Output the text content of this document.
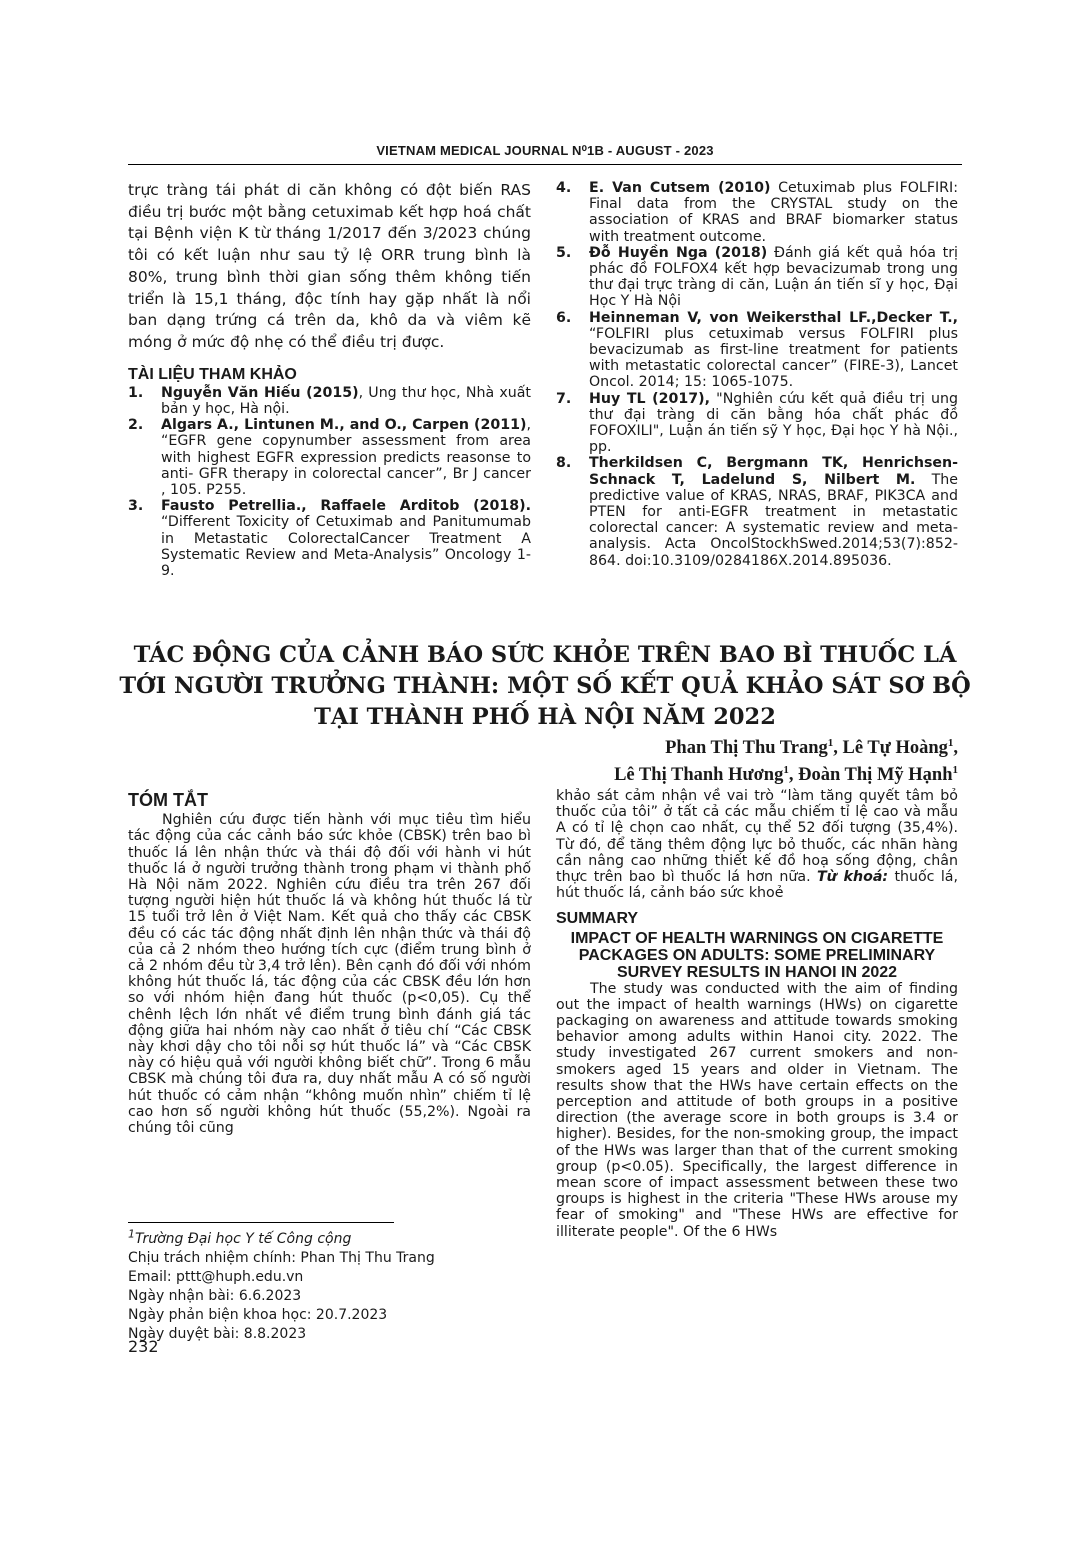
VIETNAM MEDICAL JOURNAL N⁰1B - AUGUST - 2023
trực tràng tái phát di căn không có đột biến RAS điều trị bước một bằng cetuximab kết hợp hoá chất tại Bệnh viện K từ tháng 1/2017 đến 3/2023 chúng tôi có kết luận như sau tỷ lệ ORR trung bình là 80%, trung bình thời gian sống thêm không tiến triển là 15,1 tháng, độc tính hay gặp nhất là nổi ban dạng trứng cá trên da, khô da và viêm kẽ móng ở mức độ nhẹ có thể điều trị được.
TÀI LIỆU THAM KHẢO
1.	Nguyễn Văn Hiếu (2015), Ung thư học, Nhà xuất bản y học, Hà nội.
2.	Algars A., Lintunen M., and O., Carpen (2011), “EGFR gene copynumber assessment from area with highest EGFR expression predicts reasonse to anti- GFR therapy in colorectal cancer”, Br J cancer , 105. P255.
3.	Fausto Petrellia., Raffaele Arditob (2018). “Different Toxicity of Cetuximab and Panitumumab in Metastatic ColorectalCancer Treatment A Systematic Review and Meta-Analysis” Oncology 1-9.
4.	E. Van Cutsem (2010) Cetuximab plus FOLFIRI: Final data from the CRYSTAL study on the association of KRAS and BRAF biomarker status with treatment outcome.
5.	Đỗ Huyền Nga (2018) Đánh giá kết quả hóa trị phác đồ FOLFOX4 kết hợp bevacizumab trong ung thư đại trực tràng di căn, Luận án tiến sĩ y học, Đại Học Y Hà Nội
6.	Heinneman V, von Weikersthal LF.,Decker T., “FOLFIRI plus cetuximab versus FOLFIRI plus bevacizumab as first-line treatment for patients with metastatic colorectal cancer” (FIRE-3), Lancet Oncol. 2014; 15: 1065-1075.
7.	Huy TL (2017), "Nghiên cứu kết quả điều trị ung thư đại tràng di căn bằng hóa chất phác đồ FOFOXILI", Luận án tiến sỹ Y học, Đại học Y hà Nội., pp.
8.	Therkildsen C, Bergmann TK, Henrichsen-Schnack T, Ladelund S, Nilbert M. The predictive value of KRAS, NRAS, BRAF, PIK3CA and PTEN for anti-EGFR treatment in metastatic colorectal cancer: A systematic review and meta-analysis. Acta OncolStockhSwed.2014;53(7):852-864. doi:10.3109/0284186X.2014.895036.
TÁC ĐỘNG CỦA CẢNH BÁO SỨC KHỎE TRÊN BAO BÌ THUỐC LÁ
TỚI NGƯỜI TRƯỞNG THÀNH: MỘT SỐ KẾT QUẢ KHẢO SÁT SƠ BỘ
TẠI THÀNH PHỐ HÀ NỘI NĂM 2022
Phan Thị Thu Trang$^1$, Lê Tự Hoàng$^1$,
Lê Thị Thanh Hương$^1$, Đoàn Thị Mỹ Hạnh$^1$
TÓM TẮT
Nghiên cứu được tiến hành với mục tiêu tìm hiểu tác động của các cảnh báo sức khỏe (CBSK) trên bao bì thuốc lá lên nhận thức và thái độ đối với hành vi hút thuốc lá ở người trưởng thành trong phạm vi thành phố Hà Nội năm 2022. Nghiên cứu điều tra trên 267 đối tượng người hiện hút thuốc lá và không hút thuốc lá từ 15 tuổi trở lên ở Việt Nam. Kết quả cho thấy các CBSK đều có các tác động nhất định lên nhận thức và thái độ của cả 2 nhóm theo hướng tích cực (điểm trung bình ở cả 2 nhóm đều từ 3,4 trở lên). Bên cạnh đó đối với nhóm không hút thuốc lá, tác động của các CBSK đều lớn hơn so với nhóm hiện đang hút thuốc (p<0,05). Cụ thể chênh lệch lớn nhất về điểm trung bình đánh giá tác động giữa hai nhóm này cao nhất ở tiêu chí “Các CBSK này khơi dậy cho tôi nỗi sợ hút thuốc lá” và “Các CBSK này có hiệu quả với người không biết chữ”. Trong 6 mẫu CBSK mà chúng tôi đưa ra, duy nhất mẫu A có số người hút thuốc có cảm nhận “không muốn nhìn” chiếm tỉ lệ cao hơn số người không hút thuốc (55,2%). Ngoài ra chúng tôi cũng
khảo sát cảm nhận về vai trò “làm tăng quyết tâm bỏ thuốc của tôi” ở tất cả các mẫu chiếm tỉ lệ cao và mẫu A có tỉ lệ chọn cao nhất, cụ thể 52 đối tượng (35,4%). Từ đó, để tăng thêm động lực bỏ thuốc, các nhãn hàng cần nâng cao những thiết kế đồ hoạ sống động, chân thực trên bao bì thuốc lá hơn nữa. Từ khoá: thuốc lá, hút thuốc lá, cảnh báo sức khoẻ
SUMMARY
IMPACT OF HEALTH WARNINGS ON CIGARETTE PACKAGES ON ADULTS: SOME PRELIMINARY SURVEY RESULTS IN HANOI IN 2022
The study was conducted with the aim of finding out the impact of health warnings (HWs) on cigarette packaging on awareness and attitude towards smoking behavior among adults within Hanoi city. 2022. The study investigated 267 current smokers and non-smokers aged 15 years and older in Vietnam. The results show that the HWs have certain effects on the perception and attitude of both groups in a positive direction (the average score in both groups is 3.4 or higher). Besides, for the non-smoking group, the impact of the HWs was larger than that of the current smoking group (p<0.05). Specifically, the largest difference in mean score of impact assessment between these two groups is highest in the criteria "These HWs arouse my fear of smoking" and "These HWs are effective for illiterate people". Of the 6 HWs
$^1$Trường Đại học Y tế Công cộng
Chịu trách nhiệm chính: Phan Thị Thu Trang
Email: pttt@huph.edu.vn
Ngày nhận bài: 6.6.2023
Ngày phản biện khoa học: 20.7.2023
Ngày duyệt bài: 8.8.2023
232
